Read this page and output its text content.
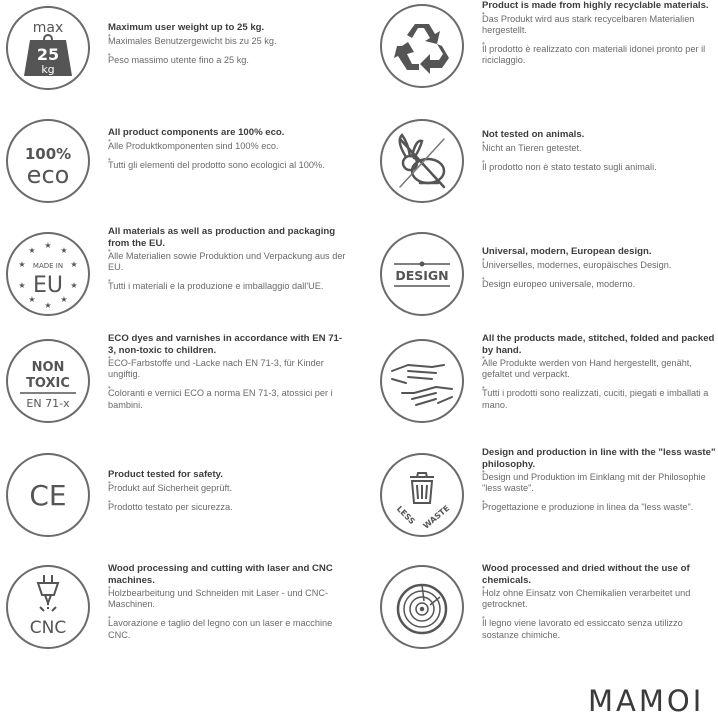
max
25
kg

Maximum user weight up to 25 kg.

• Maximales Benutzergewicht bis zu 25 kg.

• Peso massimo utente fino a 25 kg.

Product is made from highly recyclable materials.

• Das Produkt wird aus stark recycelbaren Materialien hergestellt.

• Il prodotto è realizzato con materiali idonei pronto per il riciclaggio.

100%
eco

All product components are 100% eco.

• Alle Produktkomponenten sind 100% eco.

• Tutti gli elementi del prodotto sono ecologici al 100%.

Not tested on animals.

• Nicht an Tieren getestet.

• Il prodotto non è stato testato sugli animali.

★
★	★
★	★
★	★
★	★
★
MADE IN
EU

All materials as well as production and packaging from the EU.

• Alle Materialien sowie Produktion und Verpackung aus der EU.

• Tutti i materiali e la produzione e imballaggio dall'UE.

DESIGN

Universal, modern, European design.

• Universelles, modernes, europäisches Design.

• Design europeo universale, moderno.

NON
TOXIC
EN 71-x

ECO dyes and varnishes in accordance with EN 71-3, non-toxic to children.

• ECO-Farbstoffe und -Lacke nach EN 71-3, für Kinder ungiftig.

• Coloranti e vernici ECO a norma EN 71-3, atossici per i bambini.

All the products made, stitched, folded and packed by hand.

• Alle Produkte werden von Hand hergestellt, genäht, gefaltet und verpackt.

• Tutti i prodotti sono realizzati, cuciti, piegati e imballati a mano.

CE

Product tested for safety.

• Produkt auf Sicherheit geprüft.

• Prodotto testato per sicurezza.	LESS WASTE

Design and production in line with the "less waste" philosophy.

• Design und Produktion im Einklang mit der Philosophie "less waste".

• Progettazione e produzione in linea da "less waste".

CNC

Wood processing and cutting with laser and CNC machines.

• Holzbearbeitung und Schneiden mit Laser - und CNC-Maschinen.

• Lavorazione e taglio del legno con un laser e macchine CNC.

Wood processed and dried without the use of chemicals.

• Holz ohne Einsatz von Chemikalien verarbeitet und getrocknet.

• Il legno viene lavorato ed essiccato senza utilizzo sostanze chimiche.

MAMOI
